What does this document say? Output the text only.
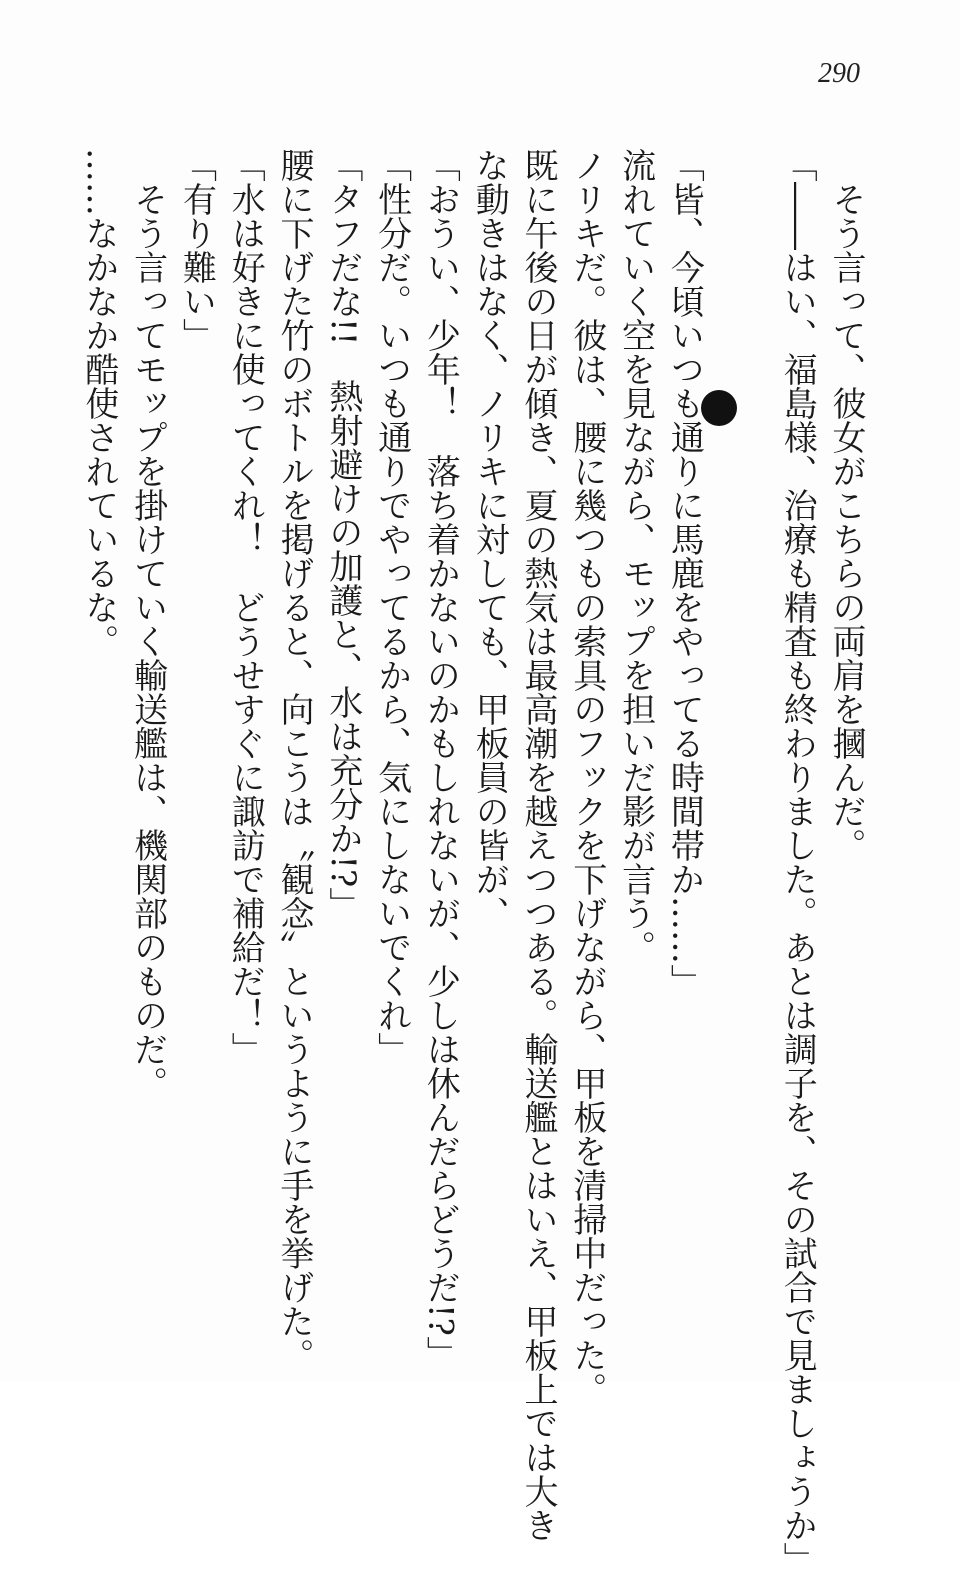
290
そう言って、彼女がこちらの両肩を摑んだ。
「――はい、福島様、治療も精査も終わりました。あとは調子を、その試合で見ましょうか」
「皆、今頃いつも通りに馬鹿をやってる時間帯か……」
流れていく空を見ながら、モップを担いだ影が言う。
ノリキだ。彼は、腰に幾つもの索具のフックを下げながら、甲板を清掃中だった。
既に午後の日が傾き、夏の熱気は最高潮を越えつつある。輸送艦とはいえ、甲板上では大き
な動きはなく、ノリキに対しても、甲板員の皆が、
「おうい、少年！　落ち着かないのかもしれないが、少しは休んだらどうだ!?」
「性分だ。いつも通りでやってるから、気にしないでくれ」
「タフだな!!　熱射避けの加護と、水は充分か!?」
腰に下げた竹のボトルを掲げると、向こうは〝観念〟というように手を挙げた。
「水は好きに使ってくれ！　どうせすぐに諏訪で補給だ！」
「有り難い」
そう言ってモップを掛けていく輸送艦は、機関部のものだ。
……なかなか酷使されているな。
